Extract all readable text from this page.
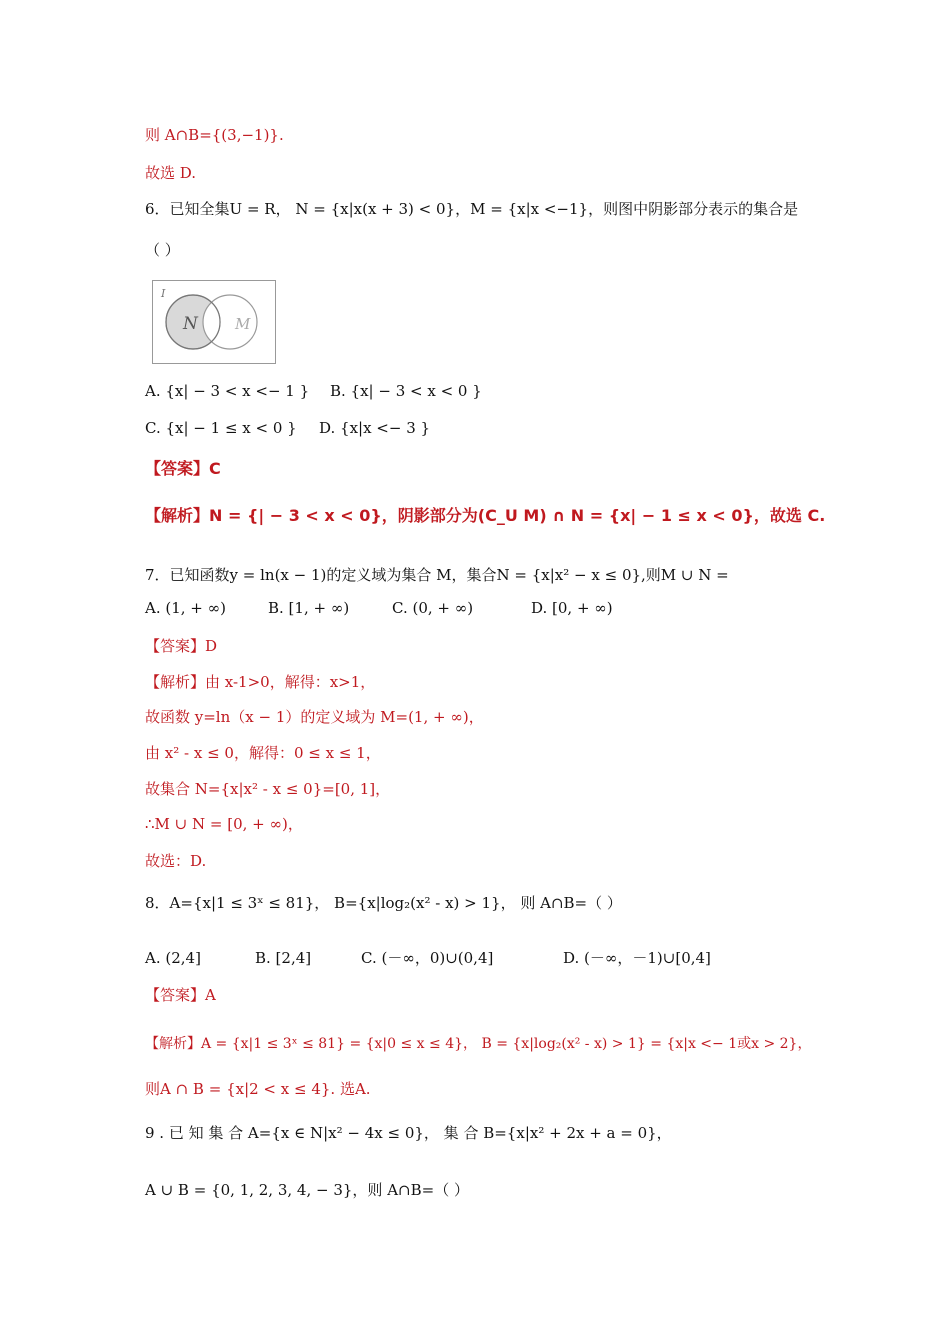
则 A∩B={(3,−1)}.
故选 D.
6．已知全集U = R， N = {x|x(x + 3) < 0}，M = {x|x <−1}，则图中阴影部分表示的集合是
（ ）
I
N M
A. {x| − 3 < x <− 1 } B. {x| − 3 < x < 0 }
C. {x| − 1 ≤ x < 0 } D. {x|x <− 3 }
【答案】C
【解析】N = {| − 3 < x < 0}，阴影部分为(C_U M) ∩ N = {x| − 1 ≤ x < 0}，故选 C.
7．已知函数y = ln(x − 1)的定义域为集合 M，集合N = {x|x² − x ≤ 0},则M ∪ N =
A. (1, + ∞)	B. [1, + ∞)	C. (0, + ∞)	D. [0, + ∞)
【答案】D
【解析】由 x-1>0，解得：x>1，
故函数 y=ln（x − 1）的定义域为 M=(1, + ∞)，
由 x² - x ≤ 0，解得：0 ≤ x ≤ 1，
故集合 N={x|x² - x ≤ 0}=[0, 1]，
∴M ∪ N = [0, + ∞)，
故选：D.
8．A={x|1 ≤ 3ˣ ≤ 81}， B={x|log₂(x² - x) > 1}， 则 A∩B=（ ）
A. (2,4]	B. [2,4]	C. (－∞，0)∪(0,4]	D. (－∞，－1)∪[0,4]
【答案】A
【解析】A = {x|1 ≤ 3ˣ ≤ 81} = {x|0 ≤ x ≤ 4}， B = {x|log₂(x² - x) > 1} = {x|x <− 1或x > 2}，
则A ∩ B = {x|2 < x ≤ 4}. 选A.
9 . 已 知 集 合 A={x ∈ N|x² − 4x ≤ 0}， 集 合 B={x|x² + 2x + a = 0}，
A ∪ B = {0, 1, 2, 3, 4, − 3}，则 A∩B=（ ）
